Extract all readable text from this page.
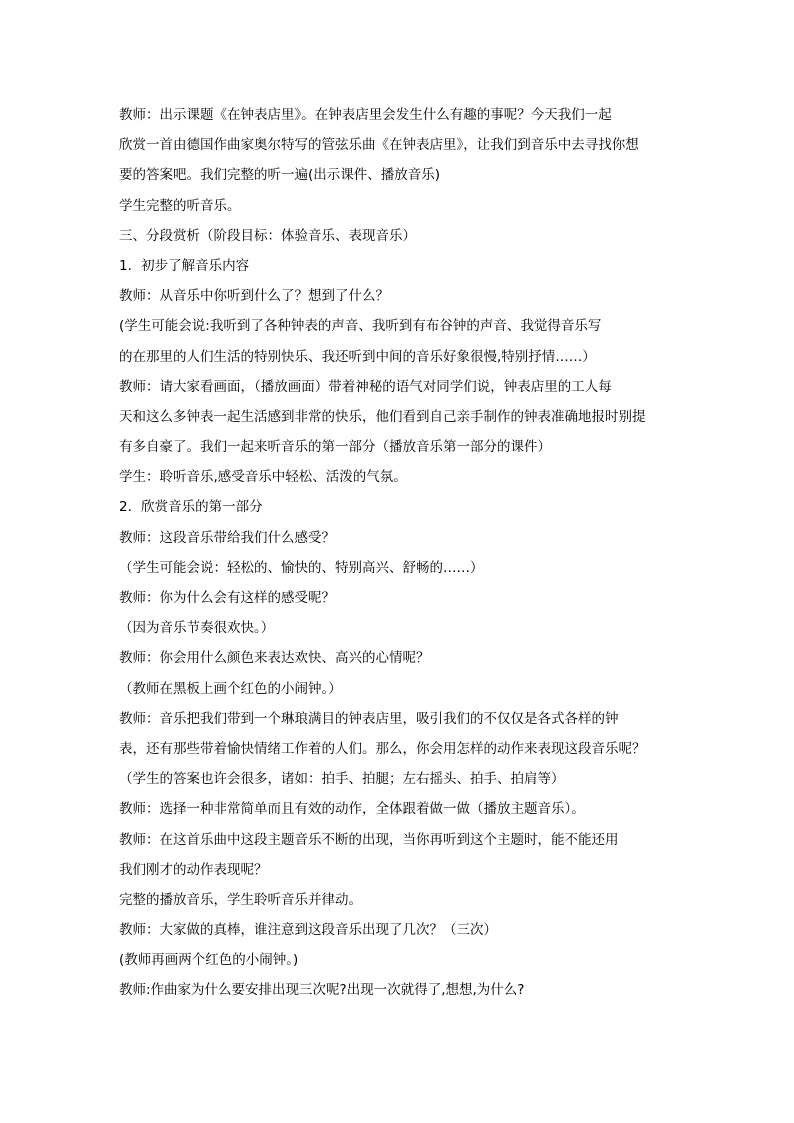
教师：出示课题《在钟表店里》。在钟表店里会发生什么有趣的事呢？今天我们一起
欣赏一首由德国作曲家奥尔特写的管弦乐曲《在钟表店里》，让我们到音乐中去寻找你想
要的答案吧。我们完整的听一遍(出示课件、播放音乐)
学生完整的听音乐。
三、分段赏析（阶段目标：体验音乐、表现音乐）
1．初步了解音乐内容
教师：从音乐中你听到什么了？想到了什么？
(学生可能会说:我听到了各种钟表的声音、我听到有布谷钟的声音、我觉得音乐写
的在那里的人们生活的特别快乐、我还听到中间的音乐好象很慢,特别抒情……）
教师：请大家看画面，（播放画面）带着神秘的语气对同学们说，钟表店里的工人每
天和这么多钟表一起生活感到非常的快乐，他们看到自己亲手制作的钟表准确地报时别提
有多自豪了。我们一起来听音乐的第一部分（播放音乐第一部分的课件）
学生：聆听音乐,感受音乐中轻松、活泼的气氛。
2．欣赏音乐的第一部分
教师：这段音乐带给我们什么感受？
（学生可能会说：轻松的、愉快的、特别高兴、舒畅的……）
教师：你为什么会有这样的感受呢？
（因为音乐节奏很欢快。）
教师：你会用什么颜色来表达欢快、高兴的心情呢？
（教师在黑板上画个红色的小闹钟。）
教师：音乐把我们带到一个琳琅满目的钟表店里，吸引我们的不仅仅是各式各样的钟
表，还有那些带着愉快情绪工作着的人们。那么，你会用怎样的动作来表现这段音乐呢？
（学生的答案也许会很多，诸如：拍手、拍腿；左右摇头、拍手、拍肩等）
教师：选择一种非常简单而且有效的动作，全体跟着做一做（播放主题音乐）。
教师：在这首乐曲中这段主题音乐不断的出现，当你再听到这个主题时，能不能还用
我们刚才的动作表现呢？
完整的播放音乐，学生聆听音乐并律动。
教师：大家做的真棒，谁注意到这段音乐出现了几次？（三次）
(教师再画两个红色的小闹钟。)
教师:作曲家为什么要安排出现三次呢?出现一次就得了,想想,为什么?
